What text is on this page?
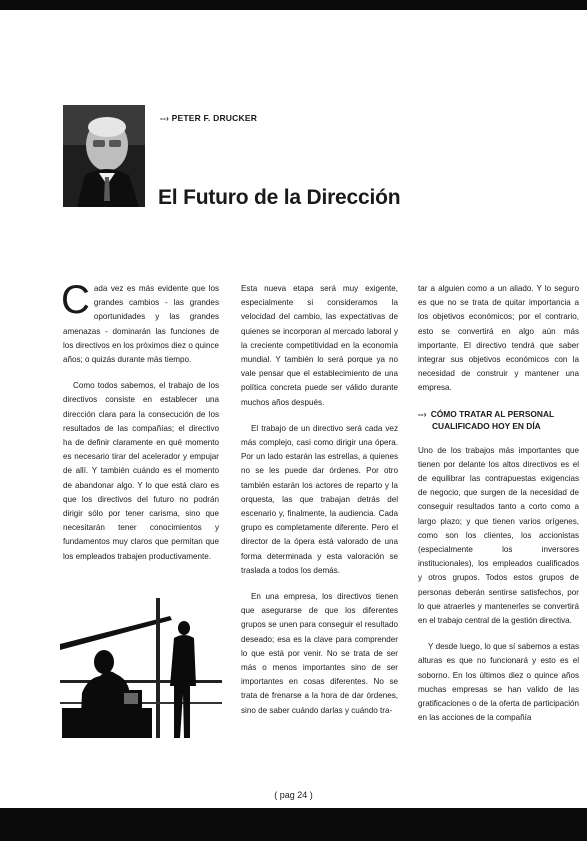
--› PETER F. DRUCKER
El Futuro de la Dirección

Cada vez es más evidente que los grandes cambios - las grandes oportunidades y las grandes amenazas - dominarán las funciones de los directivos en los próximos diez o quince años; o quizás durante más tiempo.

Como todos sabemos, el trabajo de los directivos consiste en establecer una dirección clara para la consecución de los resultados de las compañías; el directivo ha de definir claramente en qué momento es necesario tirar del acelerador y empujar de allí. Y también cuándo es el momento de abandonar algo. Y lo que está claro es que los directivos del futuro no podrán dirigir sólo por tener carisma, sino que necesitarán tener conocimientos y fundamentos muy claros que permitan que los empleados trabajen productivamente.

Esta nueva etapa será muy exigente, especialmente si consideramos la velocidad del cambio, las expectativas de quienes se incorporan al mercado laboral y la creciente competitividad en la economía mundial. Y también lo será porque ya no vale pensar que el establecimiento de una política concreta puede ser válido durante muchos años después.

El trabajo de un directivo será cada vez más complejo, casi como dirigir una ópera. Por un lado estarán las estrellas, a quienes no se les puede dar órdenes. Por otro también estarán los actores de reparto y la orquesta, las que trabajan detrás del escenario y, finalmente, la audiencia. Cada grupo es completamente diferente. Pero el director de la ópera está valorado de una forma determinada y esta valoración se traslada a todos los demás.

En una empresa, los directivos tienen que asegurarse de que los diferentes grupos se unen para conseguir el resultado deseado; esa es la clave para comprender lo que está por venir. No se trata de ser más o menos importantes sino de ser importantes en cosas diferentes. No se trata de frenarse a la hora de dar órdenes, sino de saber cuándo darlas y cuándo tra-

tar a alguien como a un aliado. Y lo seguro es que no se trata de quitar importancia a los objetivos económicos; por el contrario, esto se convertirá en algo aún más importante. El directivo tendrá que saber integrar sus objetivos económicos con la necesidad de construir y mantener una empresa.

--› CÓMO TRATAR AL PERSONAL
CUALIFICADO HOY EN DÍA

Uno de los trabajos más importantes que tienen por delante los altos directivos es el de equilibrar las contrapuestas exigencias de negocio, que surgen de la necesidad de conseguir resultados tanto a corto como a largo plazo; y que tienen varios orígenes, como son los clientes, los accionistas (especialmente los inversores institucionales), los empleados cualificados y otros grupos. Todos estos grupos de personas deberán sentirse satisfechos, por lo que atraerles y mantenerles se convertirá en el trabajo central de la gestión directiva.

Y desde luego, lo que sí sabemos a estas alturas es que no funcionará y esto es el soborno. En los últimos diez o quince años muchas empresas se han valido de las gratificaciones o de la oferta de participación en las acciones de la compañía

( pag 24 )
